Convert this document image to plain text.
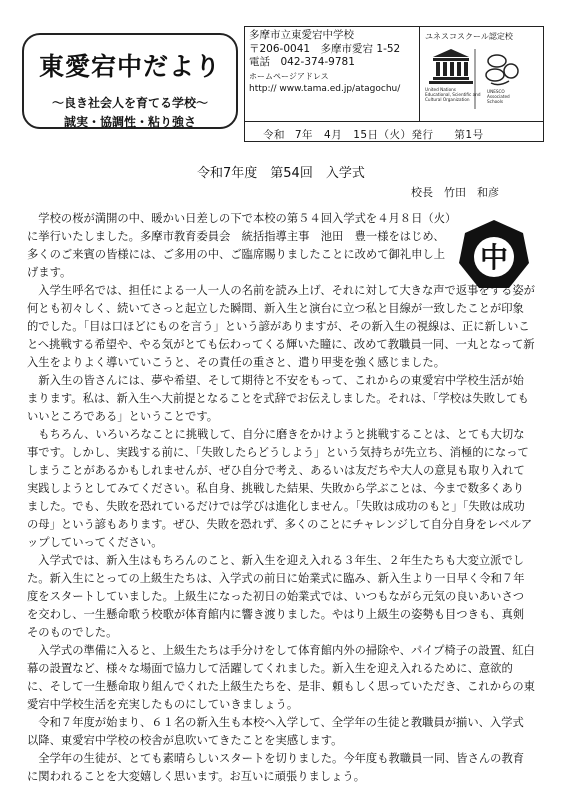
東愛宕中だより
〜良き社会人を育てる学校〜
誠実・協調性・粘り強さ
多摩市立東愛宕中学校
〒206-0041　多摩市愛宕 1-52
電話　042-374-9781
ホームページアドレス
http:// www.tama.ed.jp/atagochu/
ユネスコスクール認定校
United Nations
Educational, Scientific and
Cultural Organization
UNESCO
Associated
Schools
令和 7年　4月　15日（火）発行　 第1号
令和7年度　第54回　入学式
校長　竹田　和彦
中

学校の桜が満開の中、暖かい日差しの下で本校の第５４回入学式を４月８日（火）に挙行いたしました。多摩市教育委員会　統括指導主事　池田　豊一様をはじめ、多くのご来賓の皆様には、ご多用の中、ご臨席賜りましたことに改めて御礼申し上げます。

入学生呼名では、担任による一人一人の名前を読み上げ、それに対して大きな声で返事をする姿が何とも初々しく、続いてさっと起立した瞬間、新入生と演台に立つ私と目線が一致したことが印象的でした。「目は口ほどにものを言う」という諺がありますが、その新入生の視線は、正に新しいことへ挑戦する希望や、やる気がとても伝わってくる輝いた瞳に、改めて教職員一同、一丸となって新入生をよりよく導いていこうと、その責任の重さと、遣り甲斐を強く感じました。

新入生の皆さんには、夢や希望、そして期待と不安をもって、これからの東愛宕中学校生活が始まります。私は、新入生へ大前提となることを式辞でお伝えしました。それは、「学校は失敗してもいいところである」ということです。

もちろん、いろいろなことに挑戦して、自分に磨きをかけようと挑戦することは、とても大切な事です。しかし、実践する前に、「失敗したらどうしよう」という気持ちが先立ち、消極的になってしまうことがあるかもしれませんが、ぜひ自分で考え、あるいは友だちや大人の意見も取り入れて実践しようとしてみてください。私自身、挑戦した結果、失敗から学ぶことは、今まで数多くありました。でも、失敗を恐れているだけでは学びは進化しません。「失敗は成功のもと」「失敗は成功の母」という諺もあります。ぜひ、失敗を恐れず、多くのことにチャレンジして自分自身をレベルアップしていってください。

入学式では、新入生はもちろんのこと、新入生を迎え入れる３年生、２年生たちも大変立派でした。新入生にとっての上級生たちは、入学式の前日に始業式に臨み、新入生より一日早く令和７年度をスタートしていました。上級生になった初日の始業式では、いつもながら元気の良いあいさつを交わし、一生懸命歌う校歌が体育館内に響き渡りました。やはり上級生の姿勢も目つきも、真剣そのものでした。

入学式の準備に入ると、上級生たちは手分けをして体育館内外の掃除や、パイプ椅子の設置、紅白幕の設置など、様々な場面で協力して活躍してくれました。新入生を迎え入れるために、意欲的に、そして一生懸命取り組んでくれた上級生たちを、是非、頼もしく思っていただき、これからの東愛宕中学校生活を充実したものにしていきましょう。

令和７年度が始まり、６１名の新入生も本校へ入学して、全学年の生徒と教職員が揃い、入学式以降、東愛宕中学校の校舎が息吹いてきたことを実感します。

全学年の生徒が、とても素晴らしいスタートを切りました。今年度も教職員一同、皆さんの教育に関われることを大変嬉しく思います。お互いに頑張りましょう。
